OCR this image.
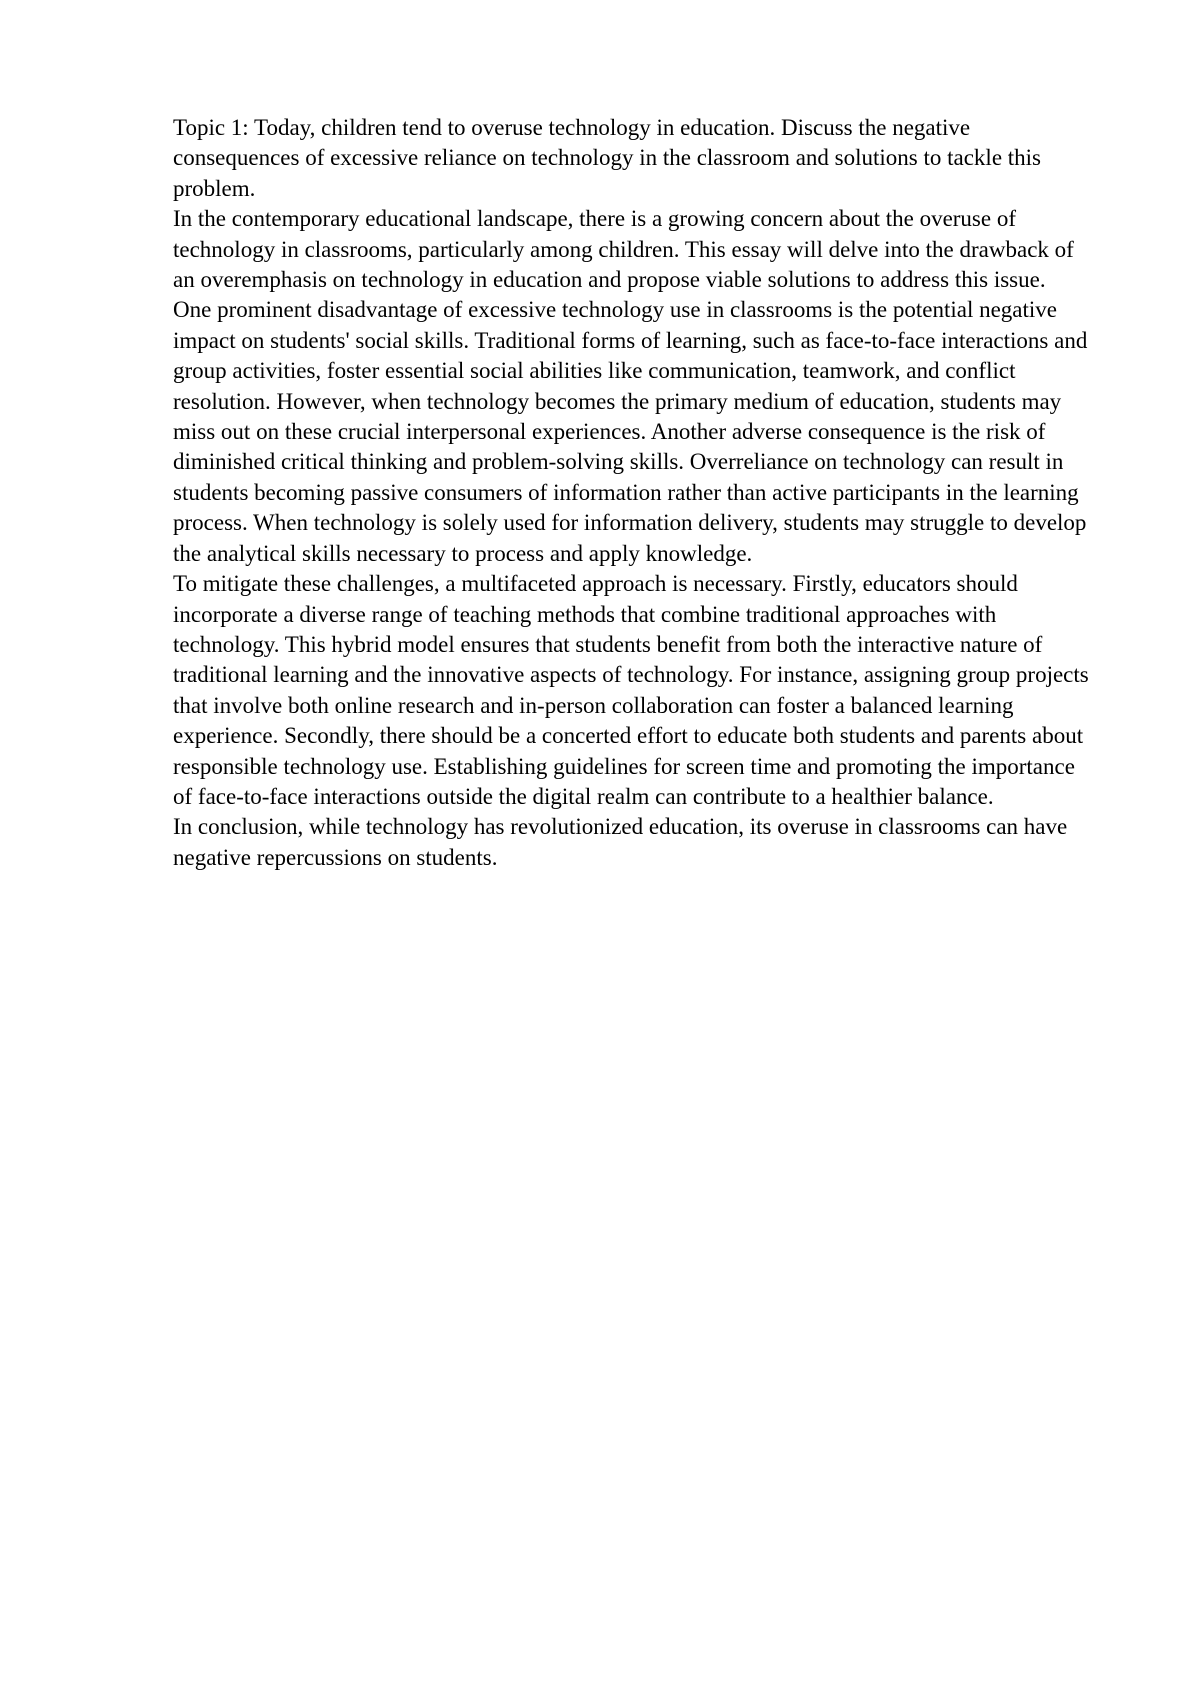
Topic 1: Today, children tend to overuse technology in education. Discuss the negative consequences of excessive reliance on technology in the classroom and solutions to tackle this problem.

In the contemporary educational landscape, there is a growing concern about the overuse of technology in classrooms, particularly among children. This essay will delve into the drawback of an overemphasis on technology in education and propose viable solutions to address this issue.

One prominent disadvantage of excessive technology use in classrooms is the potential negative impact on students' social skills. Traditional forms of learning, such as face-to-face interactions and group activities, foster essential social abilities like communication, teamwork, and conflict resolution. However, when technology becomes the primary medium of education, students may miss out on these crucial interpersonal experiences. Another adverse consequence is the risk of diminished critical thinking and problem-solving skills. Overreliance on technology can result in students becoming passive consumers of information rather than active participants in the learning process. When technology is solely used for information delivery, students may struggle to develop the analytical skills necessary to process and apply knowledge.

To mitigate these challenges, a multifaceted approach is necessary. Firstly, educators should incorporate a diverse range of teaching methods that combine traditional approaches with technology. This hybrid model ensures that students benefit from both the interactive nature of traditional learning and the innovative aspects of technology. For instance, assigning group projects that involve both online research and in-person collaboration can foster a balanced learning experience. Secondly, there should be a concerted effort to educate both students and parents about responsible technology use. Establishing guidelines for screen time and promoting the importance of face-to-face interactions outside the digital realm can contribute to a healthier balance.

In conclusion, while technology has revolutionized education, its overuse in classrooms can have negative repercussions on students.
